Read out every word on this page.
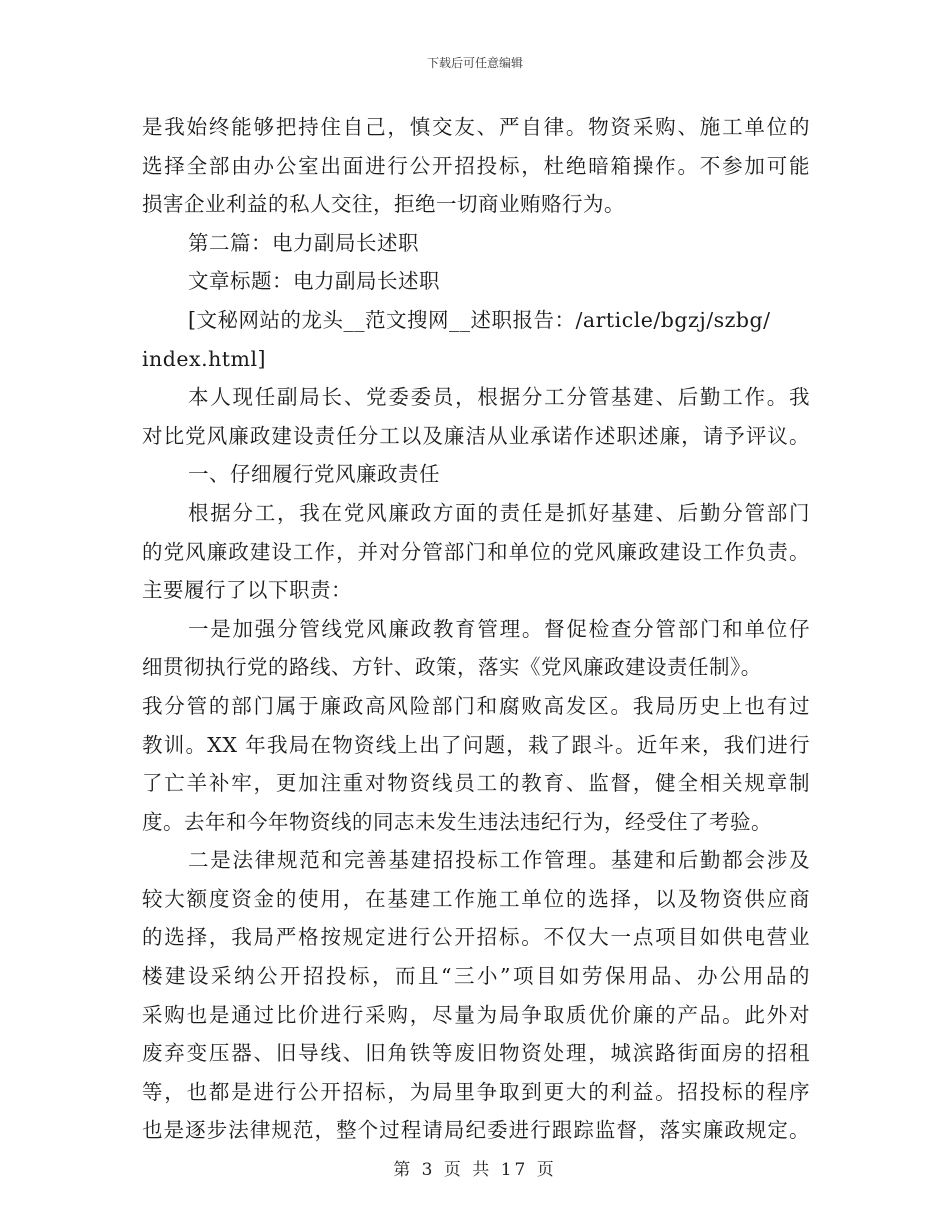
下载后可任意编辑
是我始终能够把持住自己，慎交友、严自律。物资采购、施工单位的
选择全部由办公室出面进行公开招投标，杜绝暗箱操作。不参加可能
损害企业利益的私人交往，拒绝一切商业贿赂行为。
第二篇：电力副局长述职
文章标题：电力副局长述职
[文秘网站的龙头__范文搜网__述职报告：/article/bgzj/szbg/
index.html]
本人现任副局长、党委委员，根据分工分管基建、后勤工作。我
对比党风廉政建设责任分工以及廉洁从业承诺作述职述廉，请予评议。
一、仔细履行党风廉政责任
根据分工，我在党风廉政方面的责任是抓好基建、后勤分管部门
的党风廉政建设工作，并对分管部门和单位的党风廉政建设工作负责。
主要履行了以下职责：
一是加强分管线党风廉政教育管理。督促检查分管部门和单位仔
细贯彻执行党的路线、方针、政策，落实《党风廉政建设责任制》。
我分管的部门属于廉政高风险部门和腐败高发区。我局历史上也有过
教训。XX 年我局在物资线上出了问题，栽了跟斗。近年来，我们进行
了亡羊补牢，更加注重对物资线员工的教育、监督，健全相关规章制
度。去年和今年物资线的同志未发生违法违纪行为，经受住了考验。
二是法律规范和完善基建招投标工作管理。基建和后勤都会涉及
较大额度资金的使用，在基建工作施工单位的选择，以及物资供应商
的选择，我局严格按规定进行公开招标。不仅大一点项目如供电营业
楼建设采纳公开招投标，而且“三小”项目如劳保用品、办公用品的
采购也是通过比价进行采购，尽量为局争取质优价廉的产品。此外对
废弃变压器、旧导线、旧角铁等废旧物资处理，城滨路街面房的招租
等，也都是进行公开招标，为局里争取到更大的利益。招投标的程序
也是逐步法律规范，整个过程请局纪委进行跟踪监督，落实廉政规定。
第 3 页 共 17 页
